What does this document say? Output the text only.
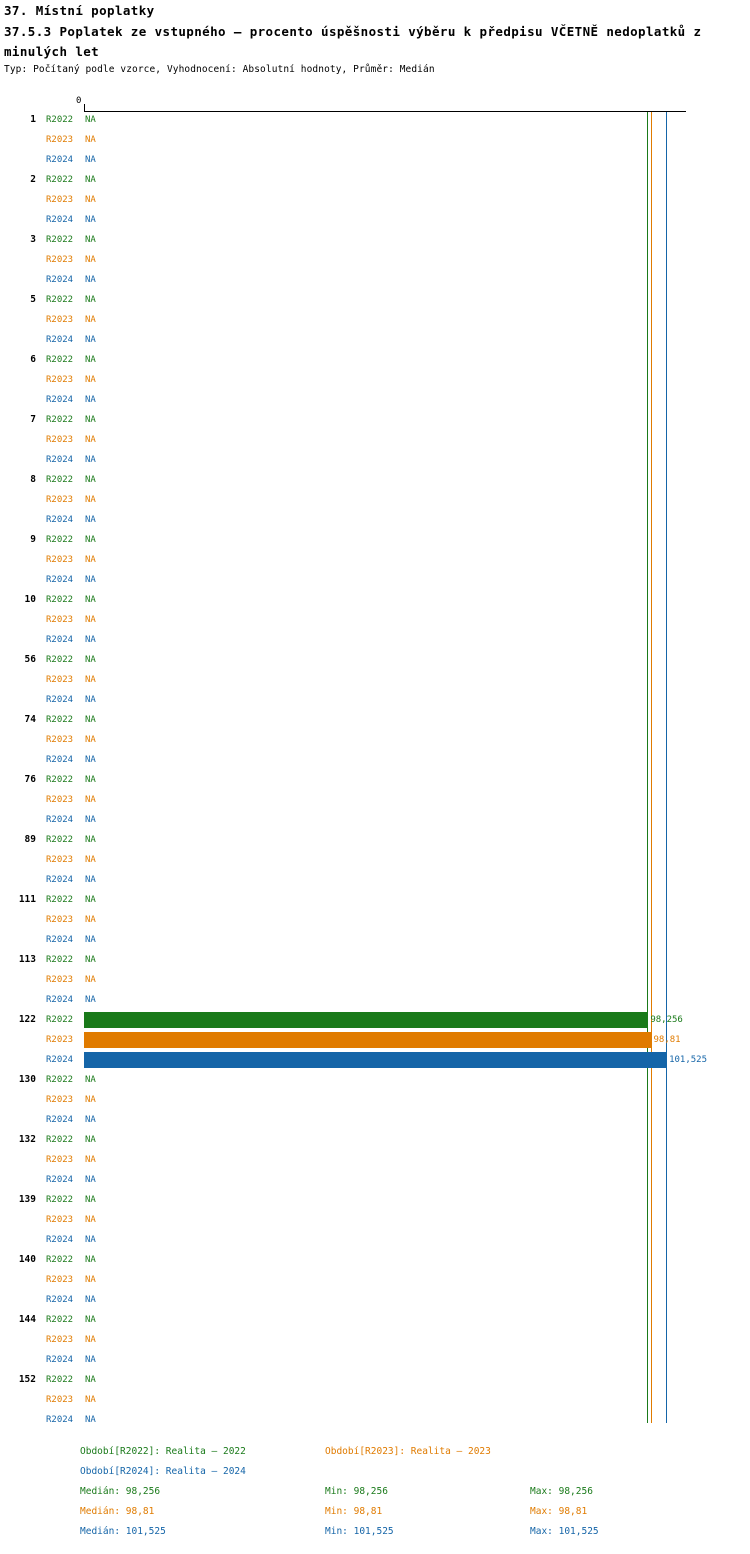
37. Místní poplatky
37.5.3 Poplatek ze vstupného – procento úspěšnosti výběru k předpisu VČETNĚ nedoplatků z minulých let
Typ: Počítaný podle vzorce, Vyhodnocení: Absolutní hodnoty, Průměr: Medián
0
1 R2022 NA
R2023 NA
R2024 NA
2 R2022 NA
R2023 NA
R2024 NA
3 R2022 NA
R2023 NA
R2024 NA
5 R2022 NA
R2023 NA
R2024 NA
6 R2022 NA
R2023 NA
R2024 NA
7 R2022 NA
R2023 NA
R2024 NA
8 R2022 NA
R2023 NA
R2024 NA
9 R2022 NA
R2023 NA
R2024 NA
10 R2022 NA
R2023 NA
R2024 NA
56 R2022 NA
R2023 NA
R2024 NA
74 R2022 NA
R2023 NA
R2024 NA
76 R2022 NA
R2023 NA
R2024 NA
89 R2022 NA
R2023 NA
R2024 NA
111 R2022 NA
R2023 NA
R2024 NA
113 R2022 NA
R2023 NA
R2024 NA
122 R2022	98,256
R2023	98,81
R2024	101,525
130 R2022 NA
R2023 NA
R2024 NA
132 R2022 NA
R2023 NA
R2024 NA
139 R2022 NA
R2023 NA
R2024 NA
140 R2022 NA
R2023 NA
R2024 NA
144 R2022 NA
R2023 NA
R2024 NA
152 R2022 NA
R2023 NA
R2024 NA
Období[R2022]: Realita – 2022	Období[R2023]: Realita – 2023
Období[R2024]: Realita – 2024
Medián: 98,256	Min: 98,256	Max: 98,256
Medián: 98,81	Min: 98,81	Max: 98,81
Medián: 101,525	Min: 101,525	Max: 101,525
